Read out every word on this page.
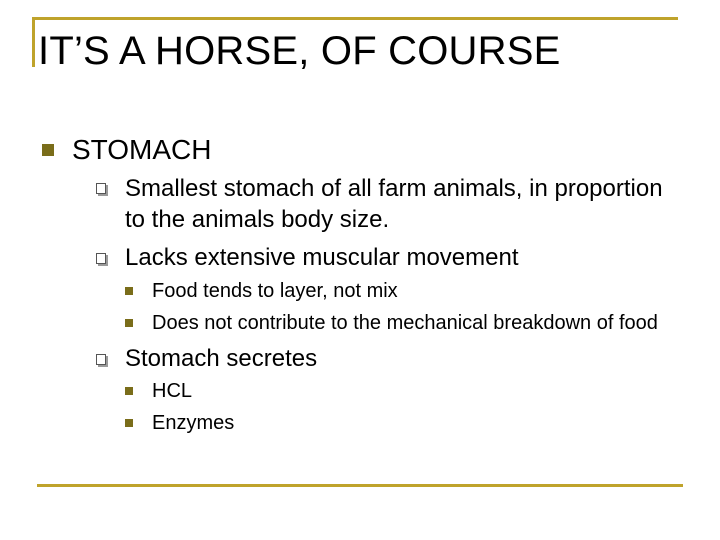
IT’S A HORSE, OF COURSE
STOMACH
Smallest stomach of all farm animals, in proportion
to the animals body size.
Lacks extensive muscular movement
Food tends to layer, not mix
Does not contribute to the mechanical breakdown of food
Stomach secretes
HCL
Enzymes
